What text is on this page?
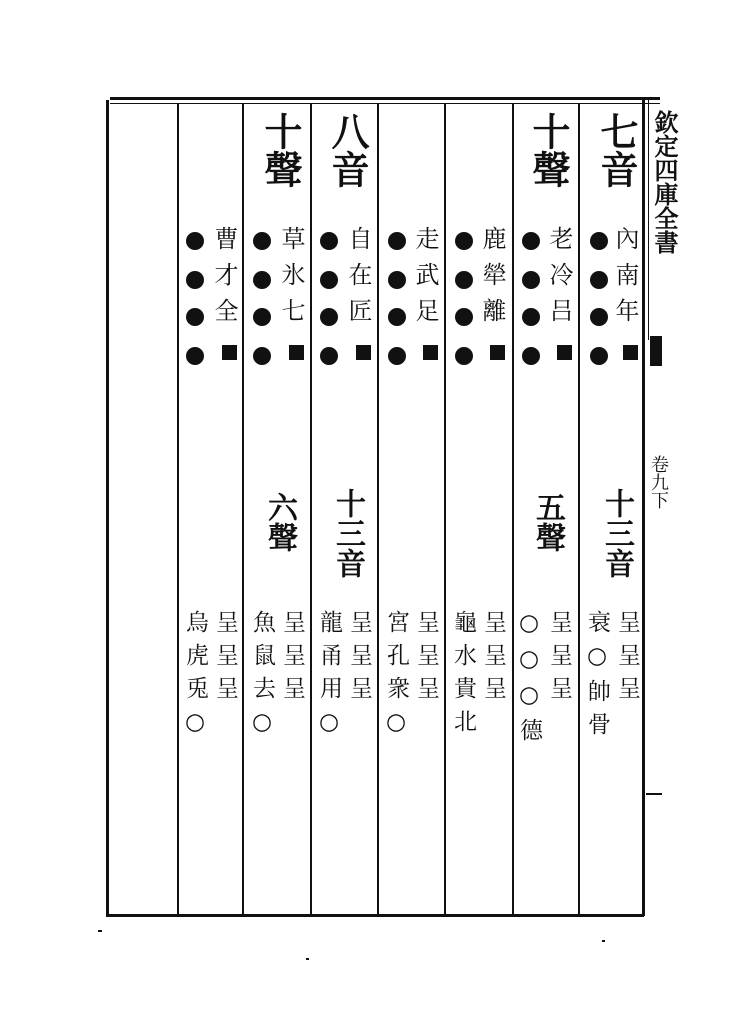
欽定四庫全書
卷九下
七音
內南年
十三音
呈呈呈
衰○帥骨
十聲
老冷吕
五聲
呈呈呈
○○○德
鹿犖離
呈呈呈
龜水貴北
走武足
呈呈呈
宮孔衆○
八音
自在匠
十三音
呈呈呈
龍甬用○
十聲
草氷七
六聲
呈呈呈
魚鼠去○
曹才全
呈呈呈
烏虎兎○
